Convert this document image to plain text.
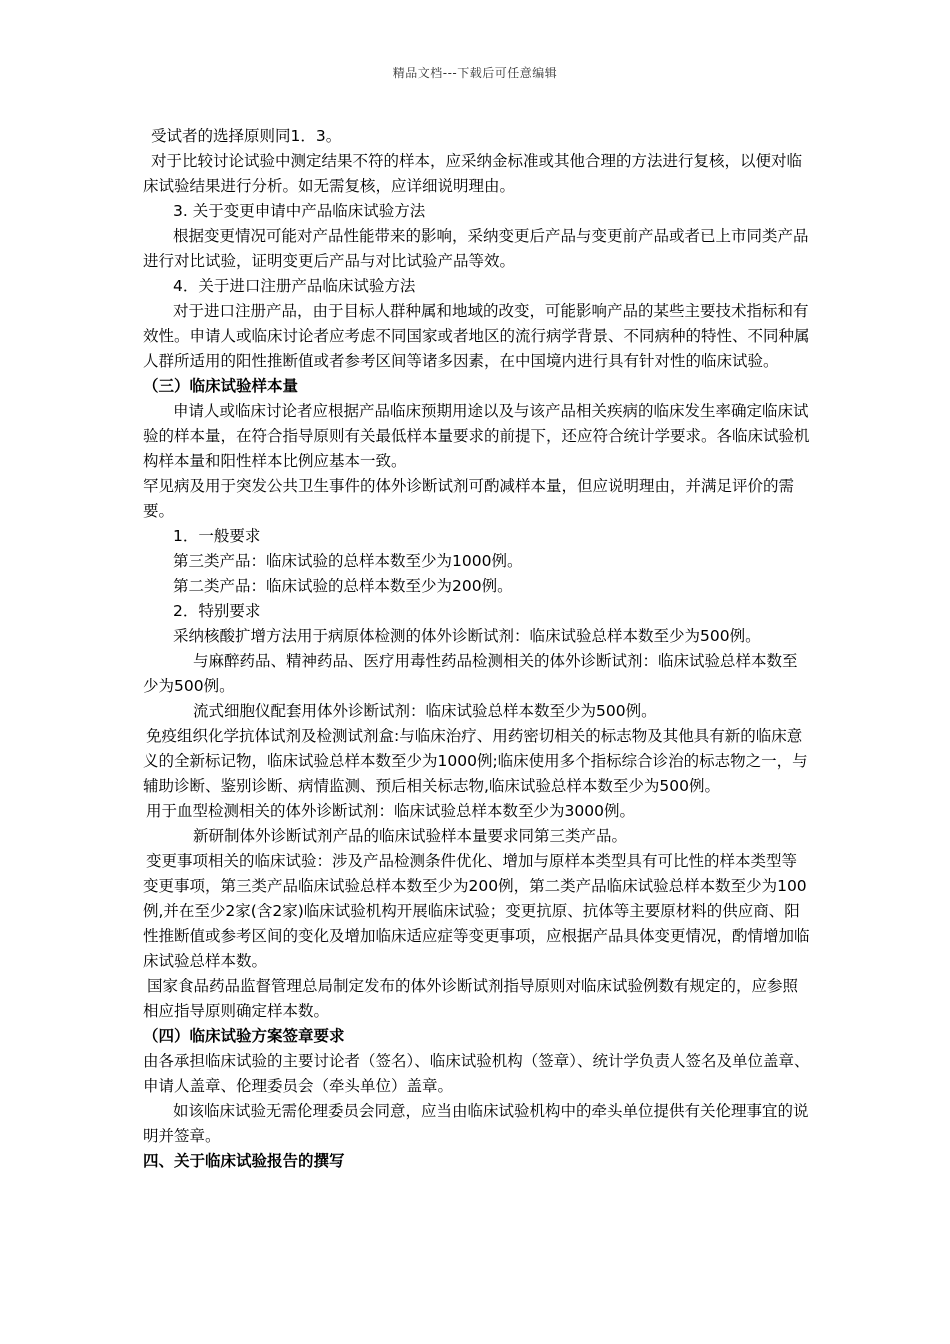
精品文档---下载后可任意编辑

受试者的选择原则同1．3。

对于比较讨论试验中测定结果不符的样本，应采纳金标准或其他合理的方法进行复核，以便对临床试验结果进行分析。如无需复核，应详细说明理由。

3. 关于变更申请中产品临床试验方法

根据变更情况可能对产品性能带来的影响，采纳变更后产品与变更前产品或者已上市同类产品进行对比试验，证明变更后产品与对比试验产品等效。

4．关于进口注册产品临床试验方法

对于进口注册产品，由于目标人群种属和地域的改变，可能影响产品的某些主要技术指标和有效性。申请人或临床讨论者应考虑不同国家或者地区的流行病学背景、不同病种的特性、不同种属人群所适用的阳性推断值或者参考区间等诸多因素，在中国境内进行具有针对性的临床试验。

（三）临床试验样本量

申请人或临床讨论者应根据产品临床预期用途以及与该产品相关疾病的临床发生率确定临床试验的样本量，在符合指导原则有关最低样本量要求的前提下，还应符合统计学要求。各临床试验机构样本量和阳性样本比例应基本一致。

罕见病及用于突发公共卫生事件的体外诊断试剂可酌减样本量，但应说明理由，并满足评价的需要。

1．一般要求

第三类产品：临床试验的总样本数至少为1000例。

第二类产品：临床试验的总样本数至少为200例。

2．特别要求

采纳核酸扩增方法用于病原体检测的体外诊断试剂：临床试验总样本数至少为500例。

与麻醉药品、精神药品、医疗用毒性药品检测相关的体外诊断试剂：临床试验总样本数至少为500例。

流式细胞仪配套用体外诊断试剂：临床试验总样本数至少为500例。

免疫组织化学抗体试剂及检测试剂盒:与临床治疗、用药密切相关的标志物及其他具有新的临床意义的全新标记物，临床试验总样本数至少为1000例;临床使用多个指标综合诊治的标志物之一，与辅助诊断、鉴别诊断、病情监测、预后相关标志物,临床试验总样本数至少为500例。

用于血型检测相关的体外诊断试剂：临床试验总样本数至少为3000例。

新研制体外诊断试剂产品的临床试验样本量要求同第三类产品。

变更事项相关的临床试验：涉及产品检测条件优化、增加与原样本类型具有可比性的样本类型等变更事项，第三类产品临床试验总样本数至少为200例，第二类产品临床试验总样本数至少为100例,并在至少2家(含2家)临床试验机构开展临床试验；变更抗原、抗体等主要原材料的供应商、阳性推断值或参考区间的变化及增加临床适应症等变更事项，应根据产品具体变更情况，酌情增加临床试验总样本数。

国家食品药品监督管理总局制定发布的体外诊断试剂指导原则对临床试验例数有规定的，应参照相应指导原则确定样本数。

（四）临床试验方案签章要求

由各承担临床试验的主要讨论者（签名）、临床试验机构（签章）、统计学负责人签名及单位盖章、申请人盖章、伦理委员会（牵头单位）盖章。

如该临床试验无需伦理委员会同意，应当由临床试验机构中的牵头单位提供有关伦理事宜的说明并签章。

四、关于临床试验报告的撰写
